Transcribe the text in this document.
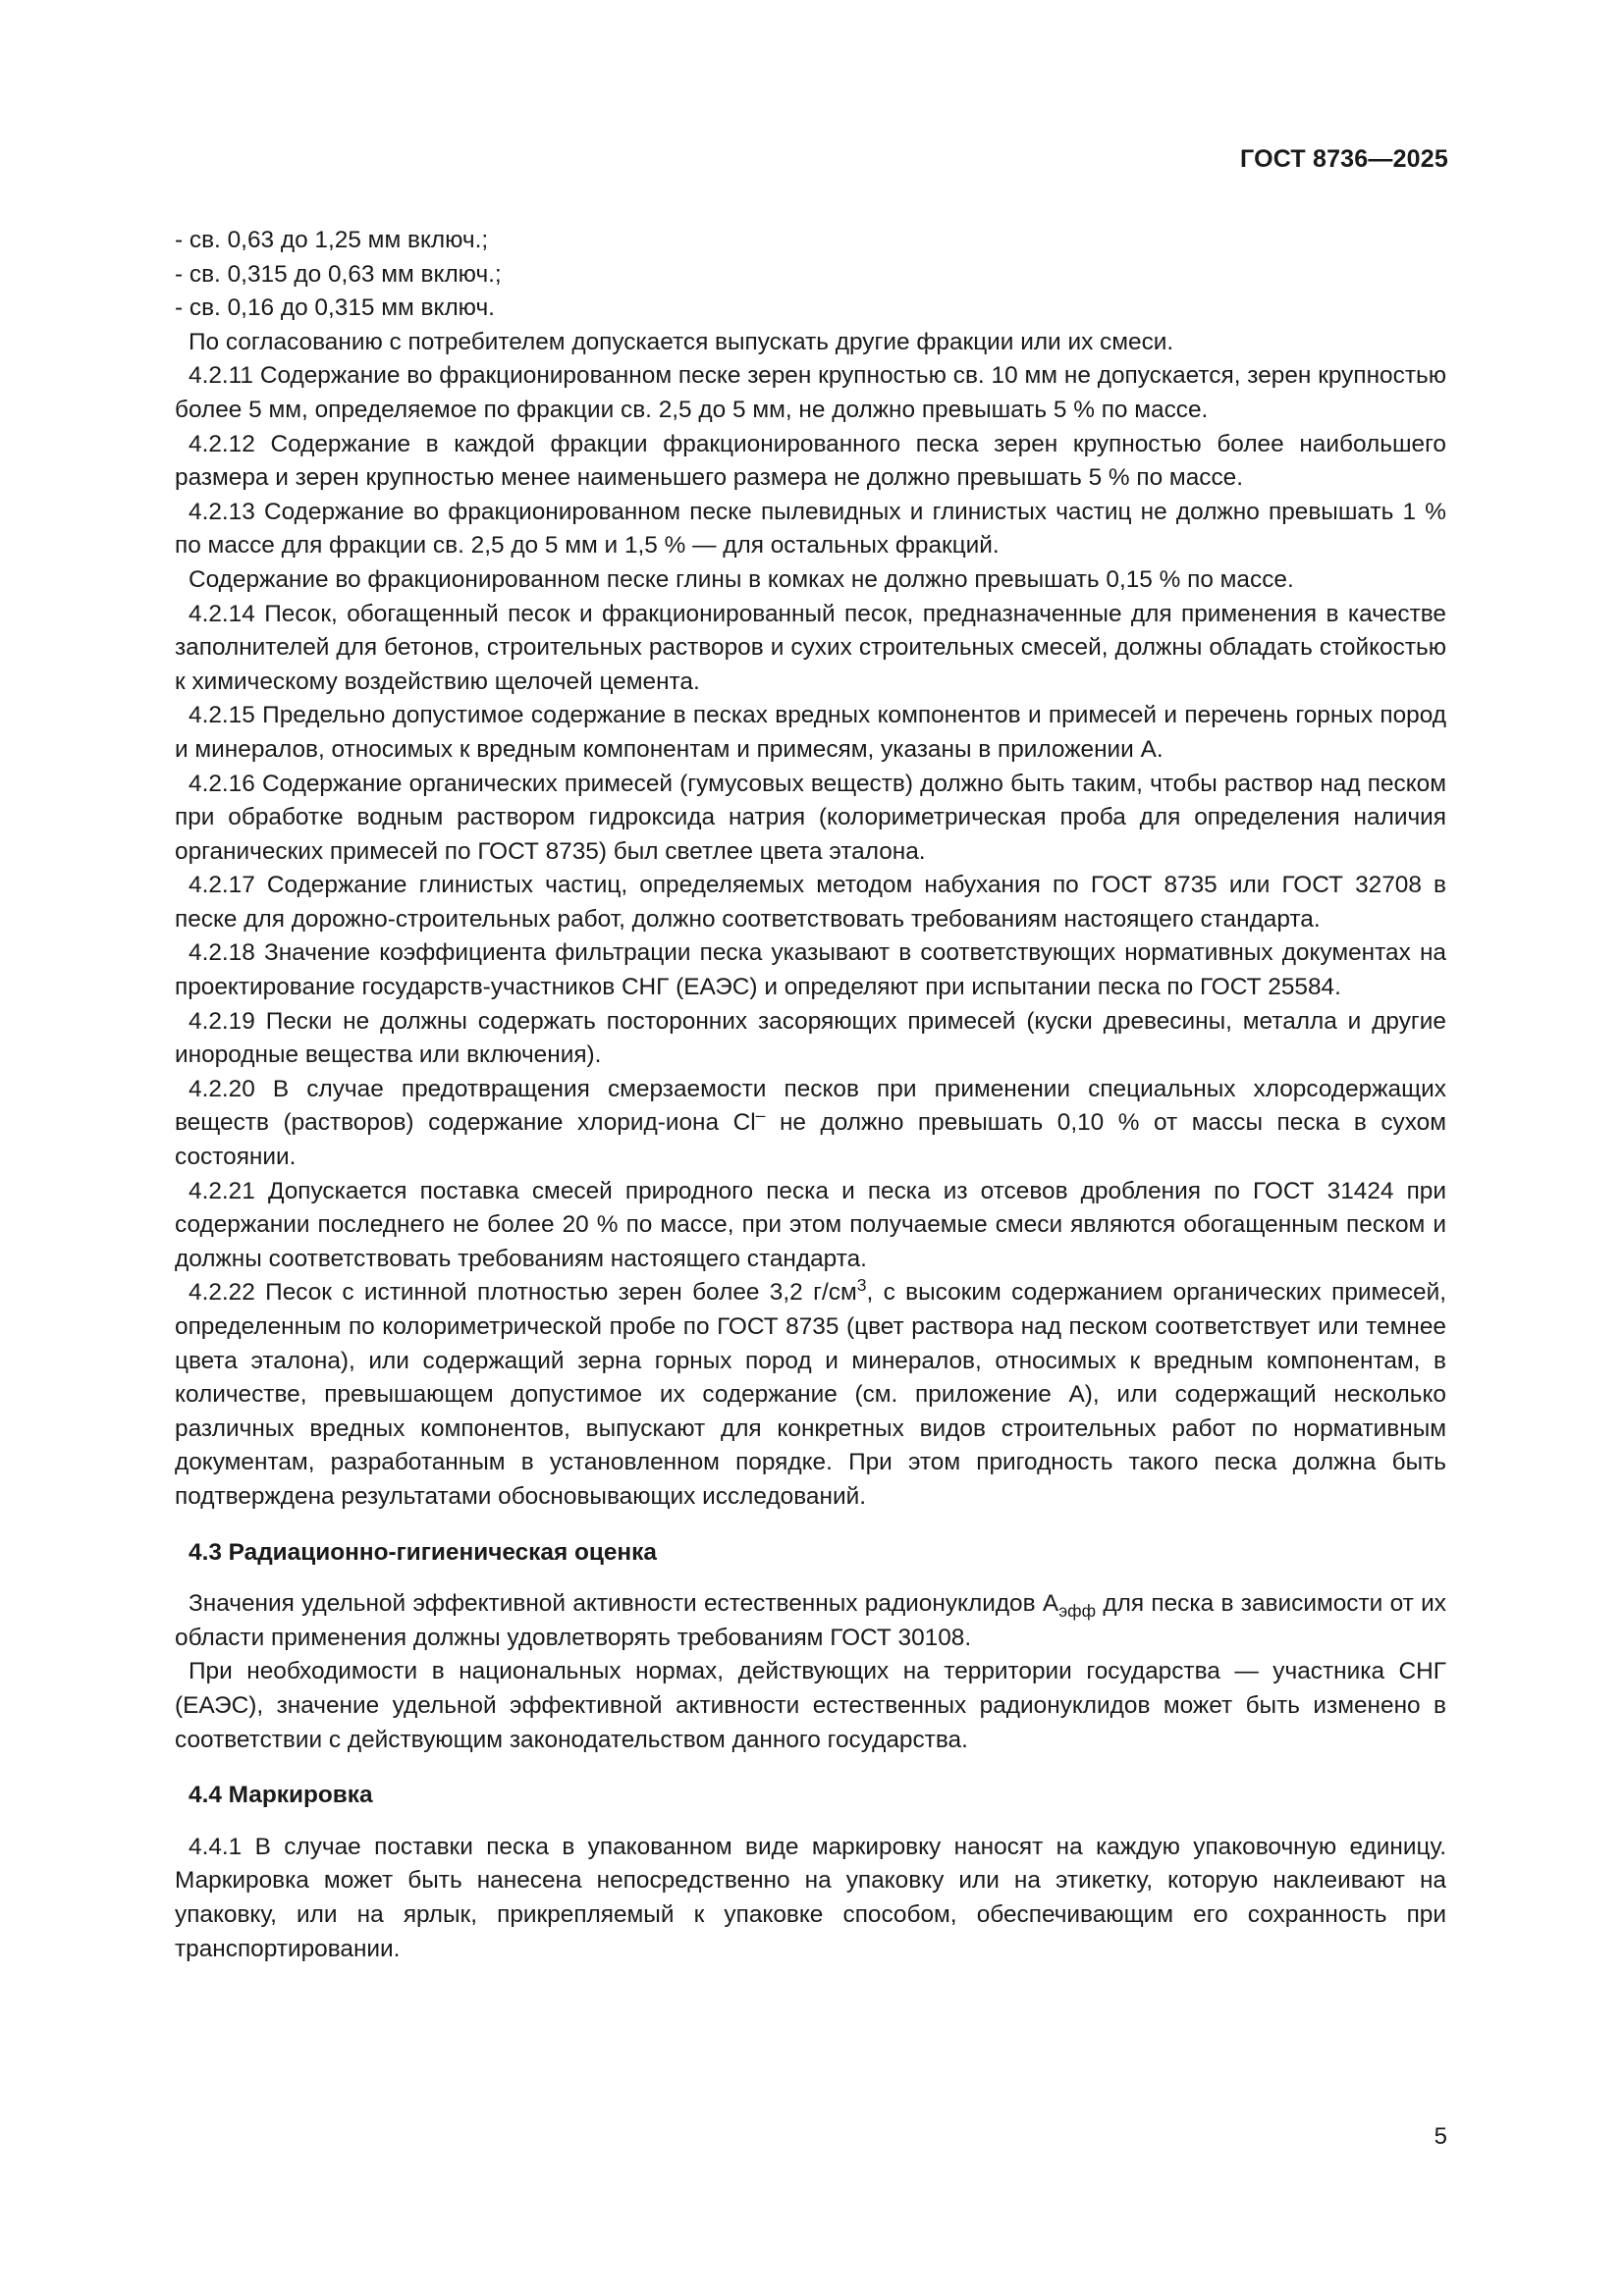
ГОСТ 8736—2025

- св. 0,63 до 1,25 мм включ.;

- св. 0,315 до 0,63 мм включ.;

- св. 0,16 до 0,315 мм включ.

По согласованию с потребителем допускается выпускать другие фракции или их смеси.

4.2.11 Содержание во фракционированном песке зерен крупностью св. 10 мм не допускается, зерен крупностью более 5 мм, определяемое по фракции св. 2,5 до 5 мм, не должно превышать 5 % по массе.

4.2.12 Содержание в каждой фракции фракционированного песка зерен крупностью более наибольшего размера и зерен крупностью менее наименьшего размера не должно превышать 5 % по массе.

4.2.13 Содержание во фракционированном песке пылевидных и глинистых частиц не должно превышать 1 % по массе для фракции св. 2,5 до 5 мм и 1,5 % — для остальных фракций.

Содержание во фракционированном песке глины в комках не должно превышать 0,15 % по массе.

4.2.14 Песок, обогащенный песок и фракционированный песок, предназначенные для применения в качестве заполнителей для бетонов, строительных растворов и сухих строительных смесей, должны обладать стойкостью к химическому воздействию щелочей цемента.

4.2.15 Предельно допустимое содержание в песках вредных компонентов и примесей и перечень горных пород и минералов, относимых к вредным компонентам и примесям, указаны в приложении А.

4.2.16 Содержание органических примесей (гумусовых веществ) должно быть таким, чтобы раствор над песком при обработке водным раствором гидроксида натрия (колориметрическая проба для определения наличия органических примесей по ГОСТ 8735) был светлее цвета эталона.

4.2.17 Содержание глинистых частиц, определяемых методом набухания по ГОСТ 8735 или ГОСТ 32708 в песке для дорожно-строительных работ, должно соответствовать требованиям настоящего стандарта.

4.2.18 Значение коэффициента фильтрации песка указывают в соответствующих нормативных документах на проектирование государств-участников СНГ (ЕАЭС) и определяют при испытании песка по ГОСТ 25584.

4.2.19 Пески не должны содержать посторонних засоряющих примесей (куски древесины, металла и другие инородные вещества или включения).

4.2.20 В случае предотвращения смерзаемости песков при применении специальных хлорсодержащих веществ (растворов) содержание хлорид-иона Cl– не должно превышать 0,10 % от массы песка в сухом состоянии.

4.2.21 Допускается поставка смесей природного песка и песка из отсевов дробления по ГОСТ 31424 при содержании последнего не более 20 % по массе, при этом получаемые смеси являются обогащенным песком и должны соответствовать требованиям настоящего стандарта.

4.2.22 Песок с истинной плотностью зерен более 3,2 $г/см^3$, с высоким содержанием органических примесей, определенным по колориметрической пробе по ГОСТ 8735 (цвет раствора над песком соответствует или темнее цвета эталона), или содержащий зерна горных пород и минералов, относимых к вредным компонентам, в количестве, превышающем допустимое их содержание (см. приложение А), или содержащий несколько различных вредных компонентов, выпускают для конкретных видов строительных работ по нормативным документам, разработанным в установленном порядке. При этом пригодность такого песка должна быть подтверждена результатами обосновывающих исследований.

4.3 Радиационно-гигиеническая оценка

Значения удельной эффективной активности естественных радионуклидов $А_{эфф}$ для песка в зависимости от их области применения должны удовлетворять требованиям ГОСТ 30108.

При необходимости в национальных нормах, действующих на территории государства — участника СНГ (ЕАЭС), значение удельной эффективной активности естественных радионуклидов может быть изменено в соответствии с действующим законодательством данного государства.

4.4 Маркировка

4.4.1 В случае поставки песка в упакованном виде маркировку наносят на каждую упаковочную единицу. Маркировка может быть нанесена непосредственно на упаковку или на этикетку, которую наклеивают на упаковку, или на ярлык, прикрепляемый к упаковке способом, обеспечивающим его сохранность при транспортировании.

5
